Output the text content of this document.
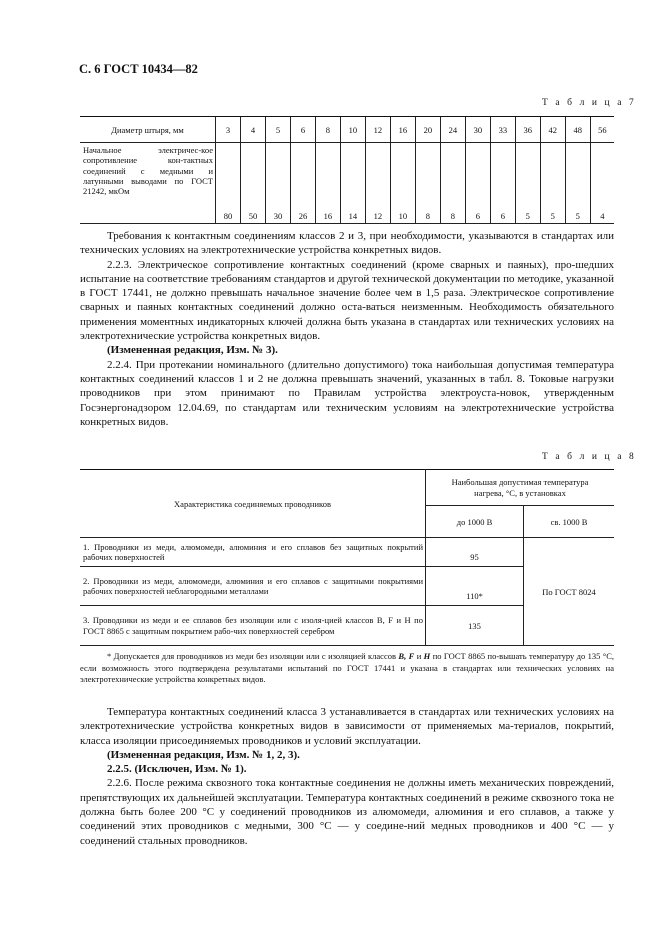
С. 6 ГОСТ 10434—82
Т а б л и ц а 7
Диаметр штыря, мм	3	4	5	6	8	10	12	16	20	24	30	33	36	42	48	56
Начальное электричес-кое сопротивление кон-тактных соединений с медными и латунными выводами по ГОСТ 21242, мкОм	80	50	30	26	16	14	12	10	8	8	6	6	5	5	5	4

Требования к контактным соединениям классов 2 и 3, при необходимости, указываются в стандартах или технических условиях на электротехнические устройства конкретных видов.

2.2.3. Электрическое сопротивление контактных соединений (кроме сварных и паяных), про-шедших испытание на соответствие требованиям стандартов и другой технической документации по методике, указанной в ГОСТ 17441, не должно превышать начальное значение более чем в 1,5 раза. Электрическое сопротивление сварных и паяных контактных соединений должно оста-ваться неизменным. Необходимость обязательного применения моментных индикаторных ключей должна быть указана в стандартах или технических условиях на электротехнические устройства конкретных видов.

(Измененная редакция, Изм. № 3).

2.2.4. При протекании номинального (длительно допустимого) тока наибольшая допустимая температура контактных соединений классов 1 и 2 не должна превышать значений, указанных в табл. 8. Токовые нагрузки проводников при этом принимают по Правилам устройства электроуста-новок, утвержденным Госэнергонадзором 12.04.69, по стандартам или техническим условиям на электротехнические устройства конкретных видов.

Т а б л и ц а 8
Характеристика соединяемых проводников	Наибольшая допустимая температура нагрева, °С, в установках	
	до 1000 В	св. 1000 В
1. Проводники из меди, алюмомеди, алюминия и его сплавов без защитных покрытий рабочих поверхностей	95	По ГОСТ 8024
2. Проводники из меди, алюмомеди, алюминия и его сплавов с защитными покрытиями рабочих поверхностей неблагородными металлами	110*	
3. Проводники из меди и ее сплавов без изоляции или с изоля-цией классов В, F и Н по ГОСТ 8865 с защитным покрытием рабо-чих поверхностей серебром	135	

* Допускается для проводников из меди без изоляции или с изоляцией классов В, F и Н по ГОСТ 8865 по-вышать температуру до 135 °С, если возможность этого подтверждена результатами испытаний по ГОСТ 17441 и указана в стандартах или технических условиях на электротехнические устройства конкретных видов.

Температура контактных соединений класса 3 устанавливается в стандартах или технических условиях на электротехнические устройства конкретных видов в зависимости от применяемых ма-териалов, покрытий, класса изоляции присоединяемых проводников и условий эксплуатации.

(Измененная редакция, Изм. № 1, 2, 3).

2.2.5. (Исключен, Изм. № 1).

2.2.6. После режима сквозного тока контактные соединения не должны иметь механических повреждений, препятствующих их дальнейшей эксплуатации. Температура контактных соединений в режиме сквозного тока не должна быть более 200 °С у соединений проводников из алюмомеди, алюминия и его сплавов, а также у соединений этих проводников с медными, 300 °С — у соедине-ний медных проводников и 400 °С — у соединений стальных проводников.
